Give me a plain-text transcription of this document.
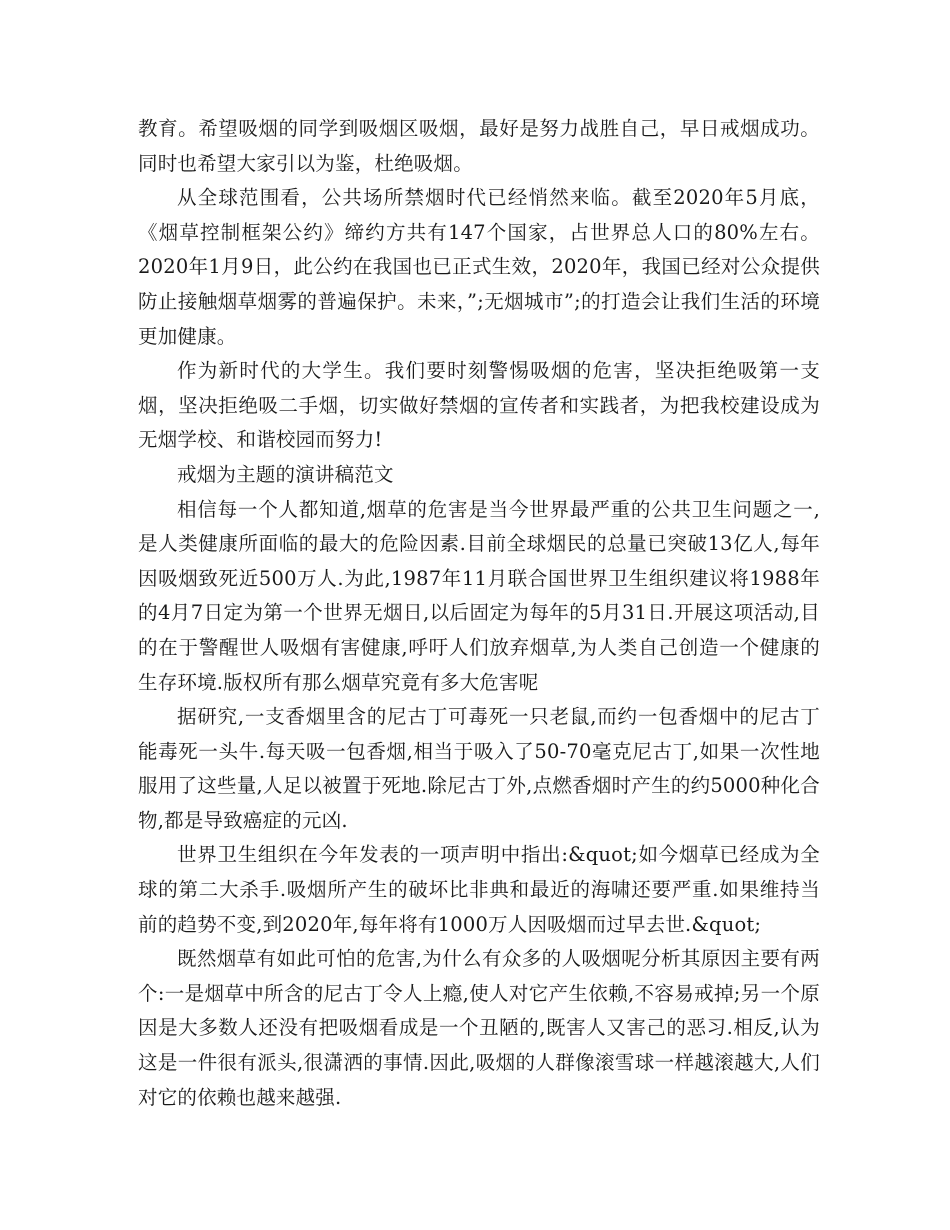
教育。希望吸烟的同学到吸烟区吸烟，最好是努力战胜自己，早日戒烟成功。同时也希望大家引以为鉴，杜绝吸烟。

从全球范围看，公共场所禁烟时代已经悄然来临。截至2020年5月底，《烟草控制框架公约》缔约方共有147个国家，占世界总人口的80%左右。2020年1月9日，此公约在我国也已正式生效，2020年，我国已经对公众提供防止接触烟草烟雾的普遍保护。未来，”;无烟城市”;的打造会让我们生活的环境更加健康。

作为新时代的大学生。我们要时刻警惕吸烟的危害，坚决拒绝吸第一支烟，坚决拒绝吸二手烟，切实做好禁烟的宣传者和实践者，为把我校建设成为无烟学校、和谐校园而努力!

戒烟为主题的演讲稿范文

相信每一个人都知道,烟草的危害是当今世界最严重的公共卫生问题之一,是人类健康所面临的最大的危险因素.目前全球烟民的总量已突破13亿人,每年因吸烟致死近500万人.为此,1987年11月联合国世界卫生组织建议将1988年的4月7日定为第一个世界无烟日,以后固定为每年的5月31日.开展这项活动,目的在于警醒世人吸烟有害健康,呼吁人们放弃烟草,为人类自己创造一个健康的生存环境.版权所有那么烟草究竟有多大危害呢

据研究,一支香烟里含的尼古丁可毒死一只老鼠,而约一包香烟中的尼古丁能毒死一头牛.每天吸一包香烟,相当于吸入了50-70毫克尼古丁,如果一次性地服用了这些量,人足以被置于死地.除尼古丁外,点燃香烟时产生的约5000种化合物,都是导致癌症的元凶.

世界卫生组织在今年发表的一项声明中指出:&quot;如今烟草已经成为全球的第二大杀手.吸烟所产生的破坏比非典和最近的海啸还要严重.如果维持当前的趋势不变,到2020年,每年将有1000万人因吸烟而过早去世.&quot;

既然烟草有如此可怕的危害,为什么有众多的人吸烟呢分析其原因主要有两个:一是烟草中所含的尼古丁令人上瘾,使人对它产生依赖,不容易戒掉;另一个原因是大多数人还没有把吸烟看成是一个丑陋的,既害人又害己的恶习.相反,认为这是一件很有派头,很潇洒的事情.因此,吸烟的人群像滚雪球一样越滚越大,人们对它的依赖也越来越强.
